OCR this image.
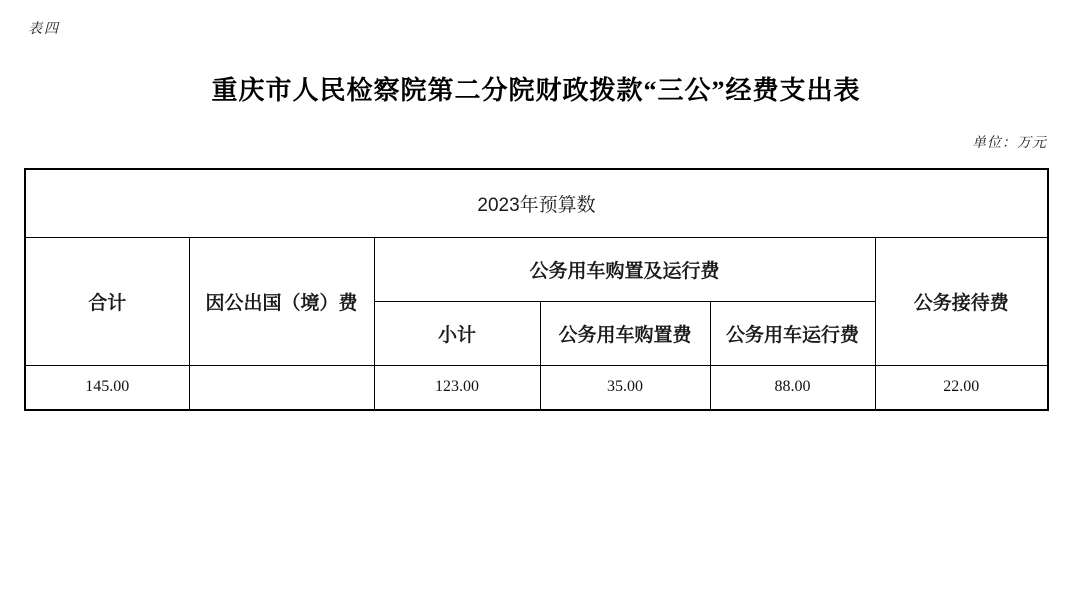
表四
重庆市人民检察院第二分院财政拨款“三公”经费支出表
单位：万元
2023年预算数					
合计	因公出国（境）费	公务用车购置及运行费			公务接待费
		小计	公务用车购置费	公务用车运行费	
145.00		123.00	35.00	88.00	22.00
